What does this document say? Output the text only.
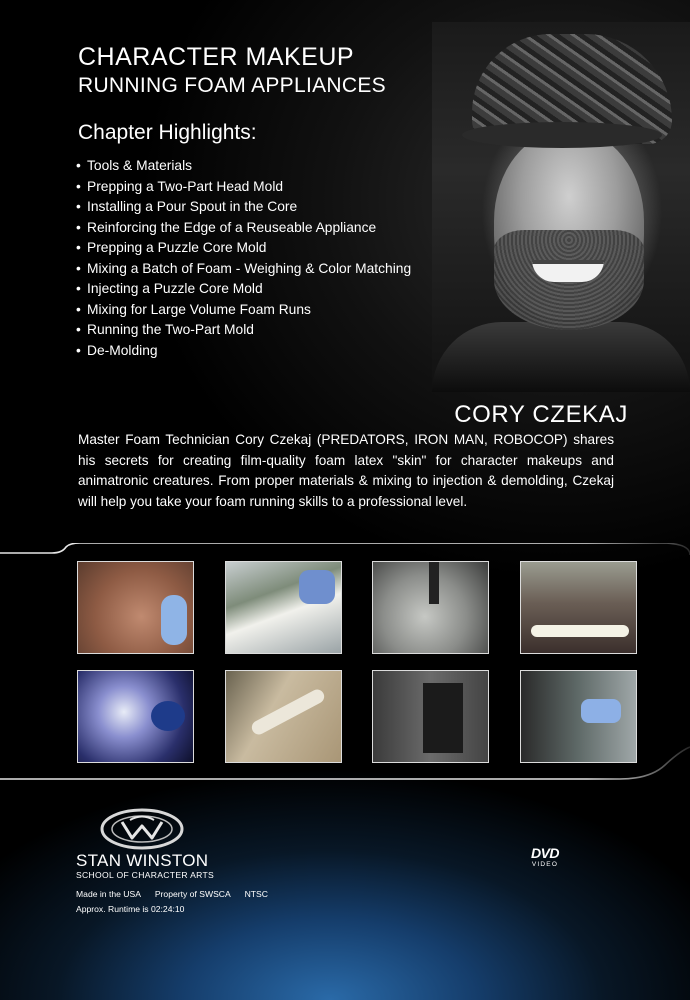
CHARACTER MAKEUP
RUNNING FOAM APPLIANCES
Chapter Highlights:
• Tools & Materials
• Prepping a Two-Part Head Mold
• Installing a Pour Spout in the Core
• Reinforcing the Edge of a Reuseable Appliance
• Prepping a Puzzle Core Mold
• Mixing a Batch of Foam - Weighing & Color Matching
• Injecting a Puzzle Core Mold
• Mixing for Large Volume Foam Runs
• Running the Two-Part Mold
• De-Molding
CORY CZEKAJ

Master Foam Technician Cory Czekaj (PREDATORS, IRON MAN, ROBOCOP) shares his secrets for creating film-quality foam latex "skin" for character makeups and animatronic creatures. From proper materials & mixing to injection & demolding, Czekaj will help you take your foam running skills to a professional level.

STAN WINSTON
SCHOOL OF CHARACTER ARTS
Made in the USA      Property of SWSCA      NTSC
Approx. Runtime is 02:24:10
DVD
VIDEO
